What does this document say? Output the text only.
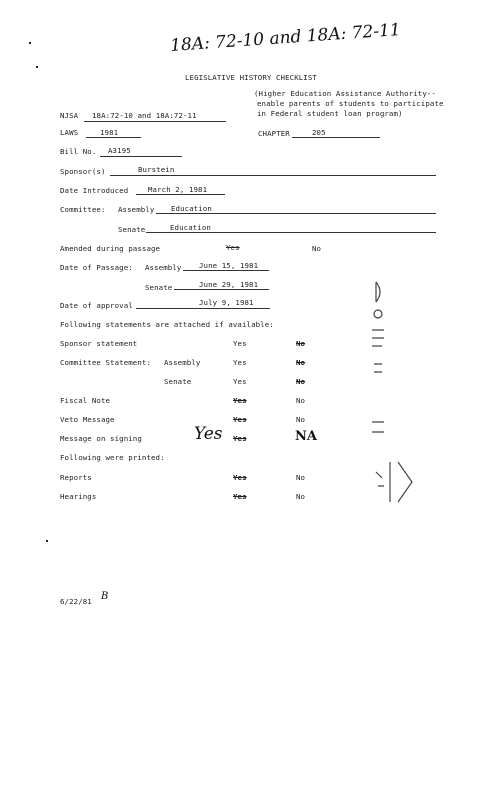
18A: 72-10 and 18A: 72-11
LEGISLATIVE HISTORY CHECKLIST
(Higher Education Assistance Authority--
enable parents of students to participate
in Federal student loan program)
NJSA 18A:72-10 and 18A:72-11
LAWS	1981	CHAPTER	205
Bill No. A3195
Sponsor(s)	Burstein
Date Introduced	March 2, 1981
Committee: Assembly Education
Senate	Education
Amended during passage	Yes	No
Date of Passage: Assembly June 15, 1981
Senate	June 29, 1981
Date of approval	July 9, 1981
Following statements are attached if available:
Sponsor statement	Yes	No
Committee Statement: Assembly	Yes	No
Senate	Yes	No
Fiscal Note	Yes	No
Veto Message	Yes	No
Message on signing	Yes Yes	NA
Following were printed:
Reports	Yes	No
Hearings	Yes	No
6/22/81 B
